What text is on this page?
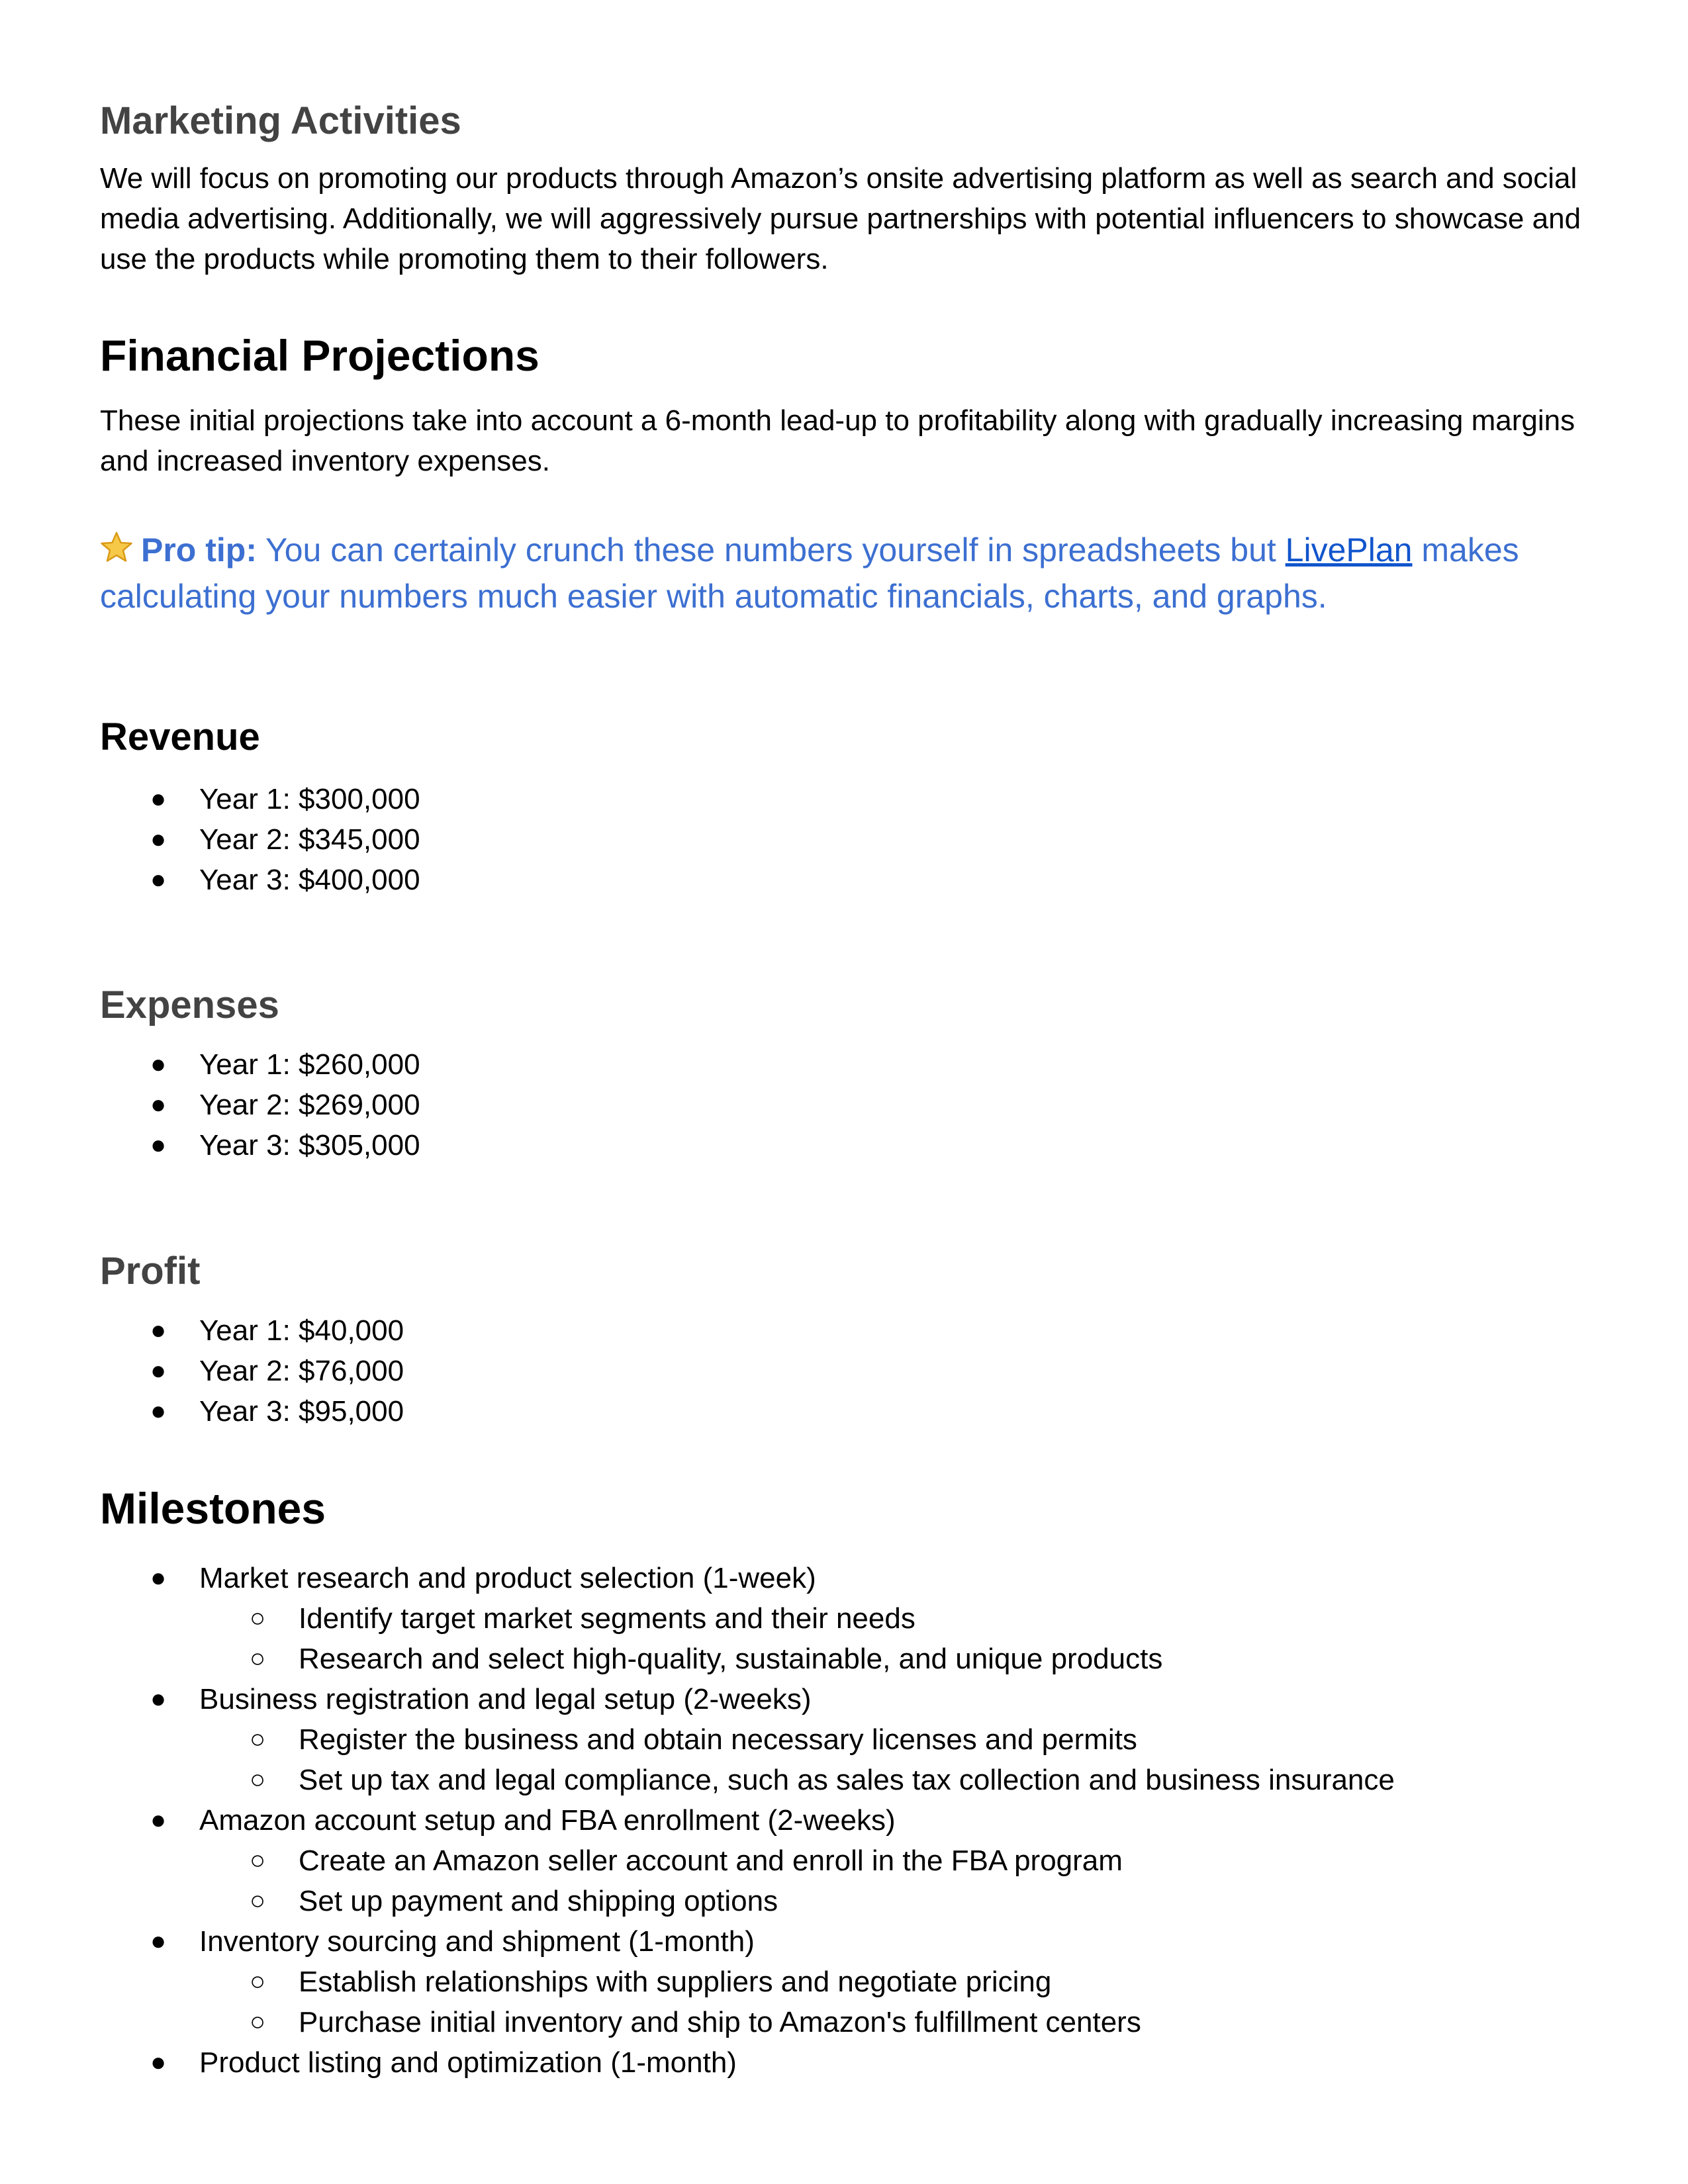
Marketing Activities

We will focus on promoting our products through Amazon’s onsite advertising platform as well as search and social media advertising. Additionally, we will aggressively pursue partnerships with potential influencers to showcase and use the products while promoting them to their followers.

Financial Projections

These initial projections take into account a 6-month lead-up to profitability along with gradually increasing margins and increased inventory expenses.

Pro tip: You can certainly crunch these numbers yourself in spreadsheets but LivePlan makes calculating your numbers much easier with automatic financials, charts, and graphs.

Revenue
● Year 1: $300,000
● Year 2: $345,000
● Year 3: $400,000
Expenses
● Year 1: $260,000
● Year 2: $269,000
● Year 3: $305,000
Profit
● Year 1: $40,000
● Year 2: $76,000
● Year 3: $95,000
Milestones
● Market research and product selection (1-week)
○ Identify target market segments and their needs
○ Research and select high-quality, sustainable, and unique products
● Business registration and legal setup (2-weeks)
○ Register the business and obtain necessary licenses and permits
○ Set up tax and legal compliance, such as sales tax collection and business insurance
● Amazon account setup and FBA enrollment (2-weeks)
○ Create an Amazon seller account and enroll in the FBA program
○ Set up payment and shipping options
● Inventory sourcing and shipment (1-month)
○ Establish relationships with suppliers and negotiate pricing
○ Purchase initial inventory and ship to Amazon's fulfillment centers
● Product listing and optimization (1-month)
